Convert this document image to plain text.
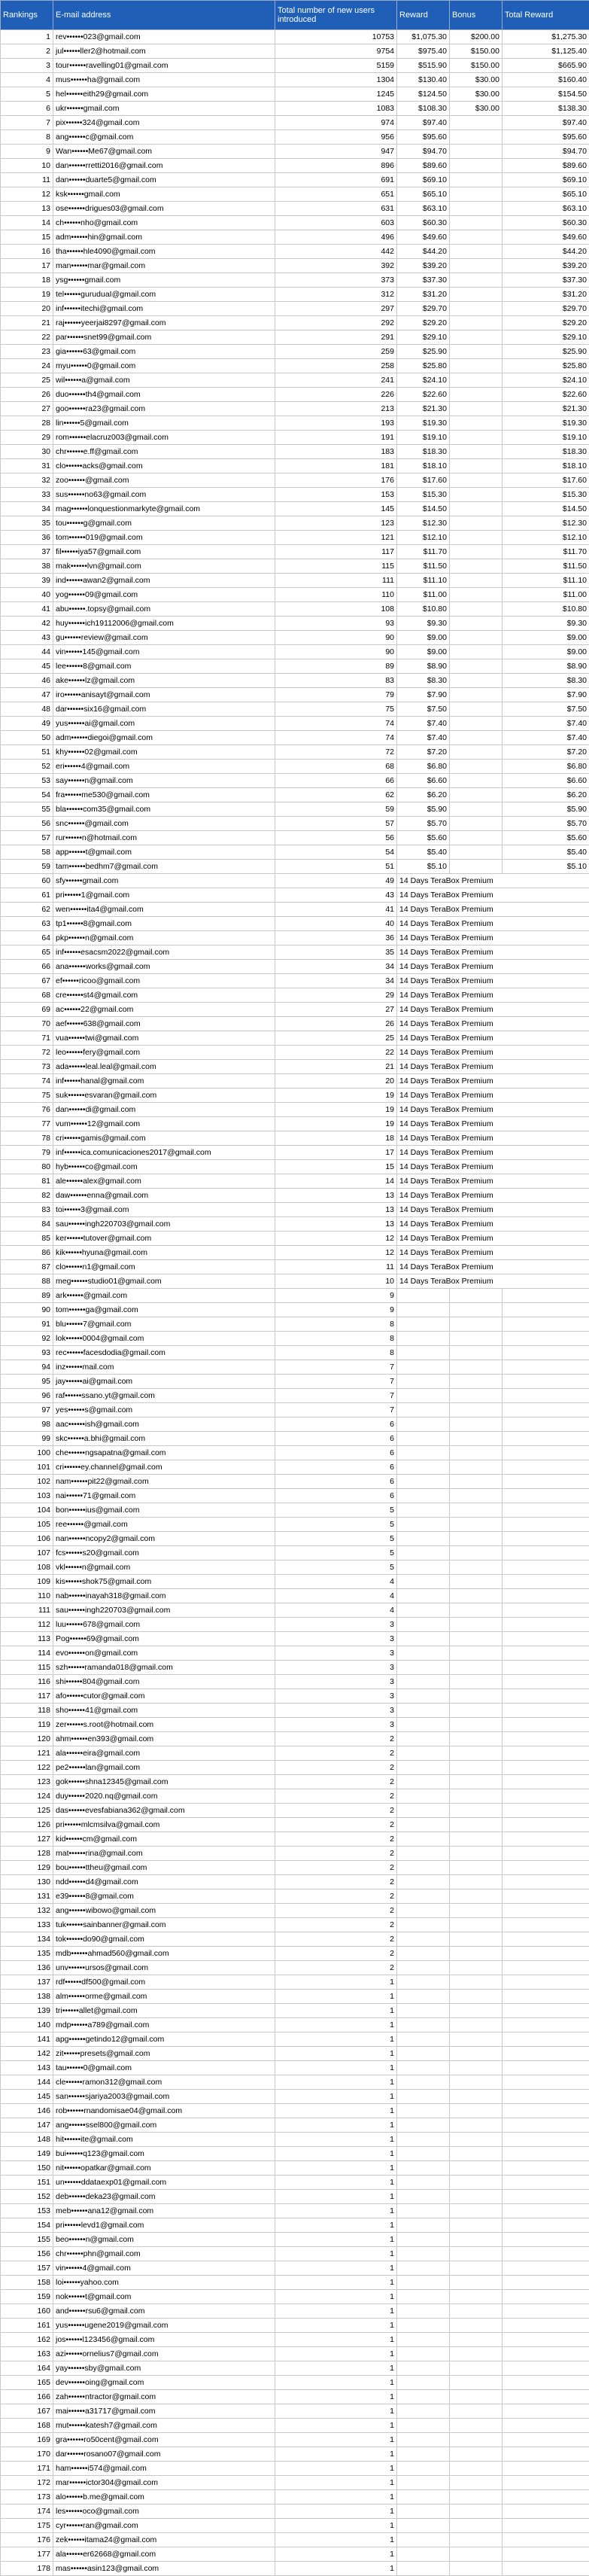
Rankings	E-mail address	Total number of new users introduced	Reward	Bonus	Total Reward
1	rev••••••023@gmail.com	10753	$1,075.30	$200.00	$1,275.30
2	jul••••••ller2@hotmail.com	9754	$975.40	$150.00	$1,125.40
3	tour••••••ravelling01@gmail.com	5159	$515.90	$150.00	$665.90
4	mus••••••ha@gmail.com	1304	$130.40	$30.00	$160.40
5	hel••••••eith29@gmail.com	1245	$124.50	$30.00	$154.50
6	ukr••••••gmail.com	1083	$108.30	$30.00	$138.30
7	pix••••••324@gmail.com	974	$97.40		$97.40
8	ang••••••c@gmail.com	956	$95.60		$95.60
9	Wan••••••Me67@gmail.com	947	$94.70		$94.70
10	dan••••••rretti2016@gmail.com	896	$89.60		$89.60
11	dan••••••duarte5@gmail.com	691	$69.10		$69.10
12	ksk••••••gmail.com	651	$65.10		$65.10
13	ose••••••drigues03@gmail.com	631	$63.10		$63.10
14	ch••••••nho@gmail.com	603	$60.30		$60.30
15	adm••••••hin@gmail.com	496	$49.60		$49.60
16	tha••••••hle4090@gmail.com	442	$44.20		$44.20
17	man••••••mar@gmail.com	392	$39.20		$39.20
18	ysg••••••gmail.com	373	$37.30		$37.30
19	tel••••••guruduaI@gmail.com	312	$31.20		$31.20
20	inf••••••itechi@gmail.com	297	$29.70		$29.70
21	raj••••••yeerjai8297@gmail.com	292	$29.20		$29.20
22	par••••••snet99@gmail.com	291	$29.10		$29.10
23	gia••••••63@gmail.com	259	$25.90		$25.90
24	myu••••••0@gmail.com	258	$25.80		$25.80
25	wil••••••a@gmail.com	241	$24.10		$24.10
26	duo••••••th4@gmail.com	226	$22.60		$22.60
27	goo••••••ra23@gmail.com	213	$21.30		$21.30
28	lin••••••5@gmail.com	193	$19.30		$19.30
29	rom••••••elacruz003@gmail.com	191	$19.10		$19.10
30	chr••••••e.ff@gmail.com	183	$18.30		$18.30
31	clo••••••acks@gmail.com	181	$18.10		$18.10
32	zoo••••••@gmail.com	176	$17.60		$17.60
33	sus••••••no63@gmail.com	153	$15.30		$15.30
34	mag••••••lonquestionmarkyte@gmail.com	145	$14.50		$14.50
35	tou••••••g@gmail.com	123	$12.30		$12.30
36	tom••••••019@gmail.com	121	$12.10		$12.10
37	fil••••••iya57@gmail.com	117	$11.70		$11.70
38	mak••••••lvn@gmail.com	115	$11.50		$11.50
39	ind••••••awan2@gmail.com	111	$11.10		$11.10
40	yog••••••09@gmail.com	110	$11.00		$11.00
41	abu••••••.topsy@gmail.com	108	$10.80		$10.80
42	huy••••••ich19112006@gmail.com	93	$9.30		$9.30
43	gu••••••review@gmail.com	90	$9.00		$9.00
44	vin••••••145@gmail.com	90	$9.00		$9.00
45	lee••••••8@gmail.com	89	$8.90		$8.90
46	ake••••••lz@gmail.com	83	$8.30		$8.30
47	iro••••••anisayt@gmail.com	79	$7.90		$7.90
48	dar••••••six16@gmail.com	75	$7.50		$7.50
49	yus••••••ai@gmail.com	74	$7.40		$7.40
50	adm••••••diegoi@gmail.com	74	$7.40		$7.40
51	khy••••••02@gmail.com	72	$7.20		$7.20
52	eri••••••4@gmail.com	68	$6.80		$6.80
53	say••••••n@gmail.com	66	$6.60		$6.60
54	fra••••••me530@gmail.com	62	$6.20		$6.20
55	bla••••••com35@gmail.com	59	$5.90		$5.90
56	snc••••••@gmail.com	57	$5.70		$5.70
57	rur••••••n@hotmail.com	56	$5.60		$5.60
58	app••••••t@gmail.com	54	$5.40		$5.40
59	tam••••••bedhm7@gmail.com	51	$5.10		$5.10
60	sfy••••••gmail.com	49	14 Days TeraBox Premium		
61	pri••••••1@gmail.com	43	14 Days TeraBox Premium		
62	wen••••••ita4@gmail.com	41	14 Days TeraBox Premium		
63	tp1••••••8@gmail.com	40	14 Days TeraBox Premium		
64	pkp••••••n@gmail.com	36	14 Days TeraBox Premium		
65	inf••••••esacsm2022@gmail.com	35	14 Days TeraBox Premium		
66	ana••••••works@gmail.com	34	14 Days TeraBox Premium		
67	ef••••••ricoo@gmail.com	34	14 Days TeraBox Premium		
68	cre••••••st4@gmail.com	29	14 Days TeraBox Premium		
69	ac••••••22@gmail.com	27	14 Days TeraBox Premium		
70	aef••••••638@gmail.com	26	14 Days TeraBox Premium		
71	vua••••••twi@gmail.com	25	14 Days TeraBox Premium		
72	leo••••••fery@gmail.com	22	14 Days TeraBox Premium		
73	ada••••••leal.leal@gmail.com	21	14 Days TeraBox Premium		
74	inf••••••hanal@gmail.com	20	14 Days TeraBox Premium		
75	suk••••••esvaran@gmail.com	19	14 Days TeraBox Premium		
76	dan••••••di@gmail.com	19	14 Days TeraBox Premium		
77	vum••••••12@gmail.com	19	14 Days TeraBox Premium		
78	cri••••••gamis@gmail.com	18	14 Days TeraBox Premium		
79	inf••••••ica.comunicaciones2017@gmail.com	17	14 Days TeraBox Premium		
80	hyb••••••co@gmail.com	15	14 Days TeraBox Premium		
81	ale••••••alex@gmail.com	14	14 Days TeraBox Premium		
82	daw••••••enna@gmail.com	13	14 Days TeraBox Premium		
83	toi••••••3@gmail.com	13	14 Days TeraBox Premium		
84	sau••••••ingh220703@gmail.com	13	14 Days TeraBox Premium		
85	ker••••••tutover@gmail.com	12	14 Days TeraBox Premium		
86	kik••••••hyuna@gmail.com	12	14 Days TeraBox Premium		
87	clo••••••n1@gmail.com	11	14 Days TeraBox Premium		
88	meg••••••studio01@gmail.com	10	14 Days TeraBox Premium		
89	ark••••••@gmail.com	9			
90	tom••••••ga@gmail.com	9			
91	blu••••••7@gmail.com	8			
92	lok••••••0004@gmail.com	8			
93	rec••••••facesdodia@gmail.com	8			
94	inz••••••mail.com	7			
95	jay••••••ai@gmail.com	7			
96	raf••••••ssano.yt@gmail.com	7			
97	yes••••••s@gmail.com	7			
98	aac••••••ish@gmail.com	6			
99	skc••••••a.bhi@gmail.com	6			
100	che••••••ngsapatna@gmail.com	6			
101	cri••••••ey.channel@gmail.com	6			
102	nam••••••pit22@gmail.com	6			
103	nai••••••71@gmail.com	6			
104	bon••••••ius@gmail.com	5			
105	ree••••••@gmail.com	5			
106	nan••••••ncopy2@gmail.com	5			
107	fcs••••••s20@gmail.com	5			
108	vkl••••••n@gmail.com	5			
109	kis••••••shok75@gmail.com	4			
110	nab••••••inayah318@gmail.com	4			
111	sau••••••ingh220703@gmail.com	4			
112	luu••••••678@gmail.com	3			
113	Pog••••••69@gmail.com	3			
114	evo••••••on@gmail.com	3			
115	szh••••••ramanda018@gmail.com	3			
116	shi••••••804@gmail.com	3			
117	afo••••••cutor@gmail.com	3			
118	sho••••••41@gmail.com	3			
119	zer••••••s.root@hotmail.com	3			
120	ahm••••••en393@gmail.com	2			
121	ala••••••eira@gmail.com	2			
122	pe2••••••lan@gmail.com	2			
123	gok••••••shna12345@gmail.com	2			
124	duy••••••2020.nq@gmail.com	2			
125	das••••••evesfabiana362@gmail.com	2			
126	pri••••••mlcmsilva@gmail.com	2			
127	kid••••••cm@gmail.com	2			
128	mat••••••rina@gmail.com	2			
129	bou••••••ttheu@gmail.com	2			
130	ndd••••••d4@gmail.com	2			
131	e39••••••8@gmail.com	2			
132	ang••••••wibowo@gmail.com	2			
133	tuk••••••sainbanner@gmail.com	2			
134	tok••••••do90@gmail.com	2			
135	mdb••••••ahmad560@gmail.com	2			
136	unv••••••ursos@gmail.com	2			
137	rdf••••••df500@gmail.com	1			
138	alm••••••orme@gmail.com	1			
139	tri••••••allet@gmail.com	1			
140	mdp••••••a789@gmail.com	1			
141	apg••••••getindo12@gmail.com	1			
142	zit••••••presets@gmail.com	1			
143	tau••••••0@gmail.com	1			
144	cle••••••ramon312@gmail.com	1			
145	san••••••sjariya2003@gmail.com	1			
146	rob••••••rnandomisae04@gmail.com	1			
147	ang••••••ssel800@gmail.com	1			
148	hit••••••ite@gmail.com	1			
149	bui••••••q123@gmail.com	1			
150	nit••••••opatkar@gmail.com	1			
151	un••••••ddataexp01@gmail.com	1			
152	deb••••••deka23@gmail.com	1			
153	meb••••••ana12@gmail.com	1			
154	pri••••••levd1@gmail.com	1			
155	beo••••••n@gmail.com	1			
156	chr••••••phn@gmail.com	1			
157	vin••••••4@gmail.com	1			
158	loi••••••yahoo.com	1			
159	nok••••••t@gmail.com	1			
160	and••••••rsu6@gmail.com	1			
161	yus••••••ugene2019@gmail.com	1			
162	jos••••••l123456@gmail.com	1			
163	azi••••••ornelius7@gmail.com	1			
164	yay••••••sby@gmail.com	1			
165	dev••••••oing@gmail.com	1			
166	zah••••••ntractor@gmail.com	1			
167	mai••••••a31717@gmail.com	1			
168	mut••••••katesh7@gmail.com	1			
169	gra••••••ro50cent@gmail.com	1			
170	dar••••••rosano07@gmail.com	1			
171	ham••••••i574@gmail.com	1			
172	mar••••••ictor304@gmail.com	1			
173	alo••••••b.me@gmail.com	1			
174	les••••••oco@gmail.com	1			
175	cyr••••••ran@gmail.com	1			
176	zek••••••itama24@gmail.com	1			
177	ala••••••er62668@gmail.com	1			
178	mas••••••asin123@gmail.com	1			
